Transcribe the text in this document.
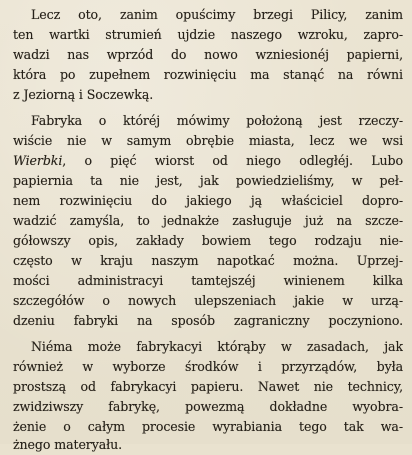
Lecz oto, zanim opuścimy brzegi Pilicy, zanim
ten wartki strumień ujdzie naszego wzroku, zapro-
wadzi nas wprzód do nowo wzniesionéj papierni,
która po zupełnem rozwinięciu ma stanąć na równi
z Jeziorną i Soczewką.
Fabryka o któréj mówimy położoną jest rzeczy-
wiście nie w samym obrębie miasta, lecz we wsi
Wierbki, o pięć wiorst od niego odległéj. Lubo
papiernia ta nie jest, jak powiedzieliśmy, w peł-
nem rozwinięciu do jakiego ją właściciel dopro-
wadzić zamyśla, to jednakże zasługuje już na szcze-
gółowszy opis, zakłady bowiem tego rodzaju nie-
często w kraju naszym napotkać można. Uprzej-
mości administracyi tamtejszéj winienem kilka
szczegółów o nowych ulepszeniach jakie w urzą-
dzeniu fabryki na sposób zagraniczny poczyniono.
Niéma może fabrykacyi którąby w zasadach, jak
również w wyborze środków i przyrządów, była
prostszą od fabrykacyi papieru. Nawet nie technicy,
zwidziwszy fabrykę, powezmą dokładne wyobra-
żenie o całym procesie wyrabiania tego tak wa-
żnego materyału.
